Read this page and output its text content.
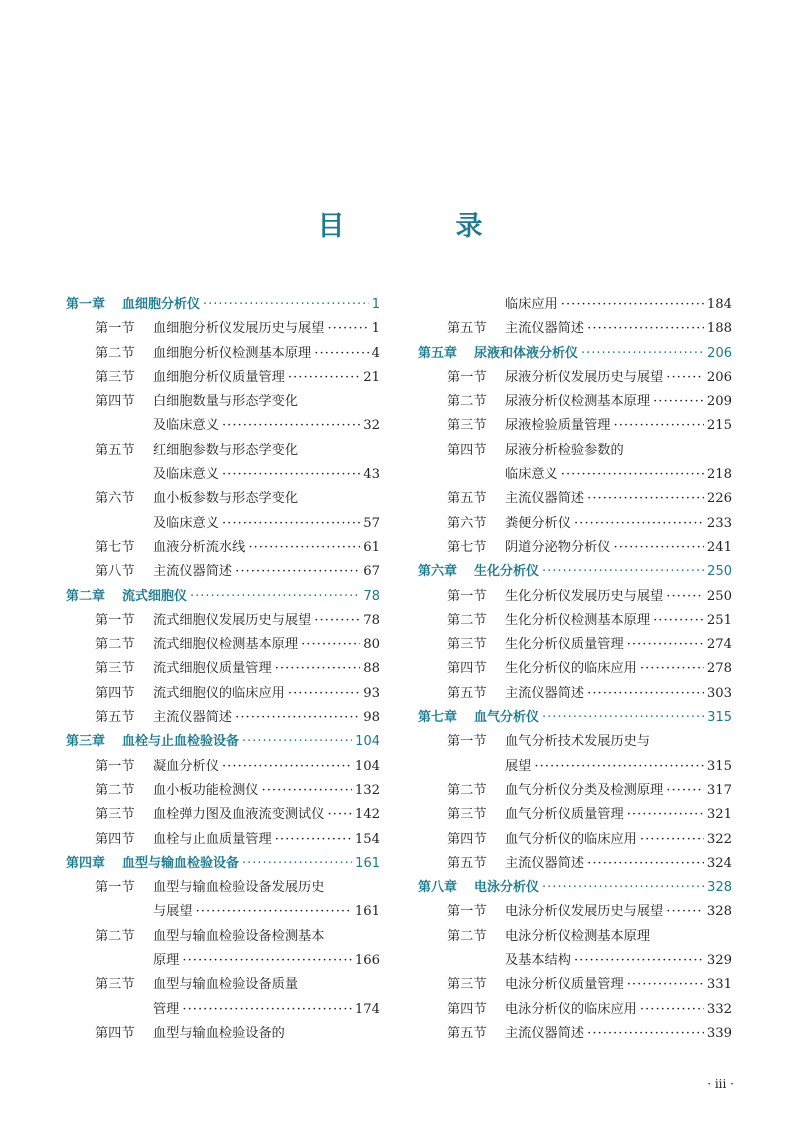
目　录
第一章	血细胞分析仪 ·····	1
第一节	血细胞分析仪发展历史与展望 ·····	1
第二节	血细胞分析仪检测基本原理 ·····	4
第三节	血细胞分析仪质量管理 ·····	21
第四节	白细胞数量与形态学变化
及临床意义 ·····	32
第五节	红细胞参数与形态学变化
及临床意义 ·····	43
第六节	血小板参数与形态学变化
及临床意义 ·····	57
第七节	血液分析流水线 ·····	61
第八节	主流仪器简述 ·····	67
第二章	流式细胞仪 ·····	78
第一节	流式细胞仪发展历史与展望 ·····	78
第二节	流式细胞仪检测基本原理 ·····	80
第三节	流式细胞仪质量管理 ·····	88
第四节	流式细胞仪的临床应用 ·····	93
第五节	主流仪器简述 ·····	98
第三章	血栓与止血检验设备 ·····	104
第一节	凝血分析仪 ·····	104
第二节	血小板功能检测仪 ·····	132
第三节	血栓弹力图及血液流变测试仪 ····· 142
第四节	血栓与止血质量管理 ·····	154
第四章	血型与输血检验设备 ·····	161
第一节	血型与输血检验设备发展历史
与展望 ·····	161
第二节	血型与输血检验设备检测基本
原理 ·····	166
第三节	血型与输血检验设备质量
管理 ·····	174
第四节	血型与输血检验设备的
临床应用 ·····	184
第五节	主流仪器简述 ·····	188
第五章	尿液和体液分析仪 ·····	206
第一节	尿液分析仪发展历史与展望 ·····	206
第二节	尿液分析仪检测基本原理 ·····	209
第三节	尿液检验质量管理 ·····	215
第四节	尿液分析检验参数的
临床意义 ·····	218
第五节	主流仪器简述 ·····	226
第六节	粪便分析仪 ·····	233
第七节	阴道分泌物分析仪 ·····	241
第六章	生化分析仪 ·····	250
第一节	生化分析仪发展历史与展望 ·····	250
第二节	生化分析仪检测基本原理 ·····	251
第三节	生化分析仪质量管理 ·····	274
第四节	生化分析仪的临床应用 ·····	278
第五节	主流仪器简述 ·····	303
第七章	血气分析仪 ·····	315
第一节	血气分析技术发展历史与
展望 ·····	315
第二节	血气分析仪分类及检测原理 ·····	317
第三节	血气分析仪质量管理 ·····	321
第四节	血气分析仪的临床应用 ·····	322
第五节	主流仪器简述 ·····	324
第八章	电泳分析仪 ·····	328
第一节	电泳分析仪发展历史与展望 ·····	328
第二节	电泳分析仪检测基本原理
及基本结构 ·····	329
第三节	电泳分析仪质量管理 ·····	331
第四节	电泳分析仪的临床应用 ·····	332
第五节	主流仪器简述 ·····	339
· iii ·
